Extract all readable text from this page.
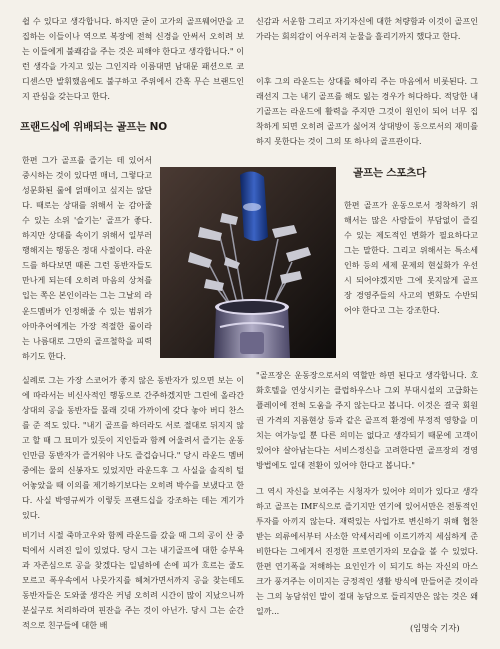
쉽 수 있다고 생각합니다. 하지만 굳이 고가의 골프웨어만을 고집하는 이들이나 역으로 복장에 전혀 신경을 안써서 오히려 보는 이들에게 불쾌감을 주는 것은 피해야 한다고 생각합니다." 이런 생각을 가지고 있는 그인지라 이름대면 남대문 패션으로 코디센스만 발휘했음에도 불구하고 주위에서 간혹 무슨 브랜드인지 관심을 갖는다고 한다.

프랜드십에 위배되는 골프는 NO

한편 그가 골프를 즐기는 데 있어서 중시하는 것이 있다면 매너, 그렇다고 성문화된 룰에 얽매이고 싶지는 않단다. 때로는 상대를 위해서 눈 감아줄 수 있는 소위 '슬기는' 골프가 좋다. 하지만 상대를 속이기 위해서 일부러 행해지는 행동은 정대 사절이다. 라운드를 하다보면 때론 그런 동반자들도 만나게 되는데 오히려 마음의 상처를 입는 쪽은 본인이라는 그는 그날의 라운드멤버가 인정해줄 수 있는 범위가 아마추어에게는 가장 적절한 룰이라는 나름대로 그만의 골프철학을 피력하기도 한다.

실례로 그는 가장 스코어가 좋지 않은 동반자가 있으면 보는 이에 따라서는 비신사적인 행동으로 간주하겠지만 그린에 올라간 상대의 공을 동반자들 몰래 깃대 가까이에 갖다 놓아 버디 찬스를 준 적도 있다. "내기 골프를 하더라도 서로 절대로 뒤지지 않고 할 때 그 묘미가 있듯이 지인들과 함께 어울려서 즐기는 운동인만큼 동반자가 즐거워야 나도 즐겁습니다." 당시 라운드 멤버중에는 물의 신봉자도 있었지만 라운드후 그 사실을 솔직히 털어놓았을 때 이의를 제기하기보다는 오히려 박수를 보냈다고 한다. 사실 박영규씨가 이렇듯 프랜드십을 강조하는 데는 계기가 있다.

비기너 시절 죽마고우와 함께 라운드를 갔을 때 그의 공이 산 중턱에서 시려진 일이 있었다. 당시 그는 내기골프에 대한 승부욕과 자존심으로 공을 찾겠다는 일념하에 손에 피가 흐르는 줄도 모르고 폭우속에서 나뭇가지를 헤쳐가면서까지 공을 찾는데도 동반자들은 도와줄 생각은 커녕 오히려 시간이 많이 지났으니까 분실구로 처리하라며 핀잔을 주는 것이 아닌가. 당시 그는 순간적으로 친구들에 대한 배

신감과 서운함 그리고 자기자신에 대한 처량함과 이것이 골프인가라는 회의감이 어우러져 눈물을 흘리기까지 했다고 한다.

이후 그의 라운드는 상대를 헤아리 주는 마음에서 비롯된다. 그래선지 그는 내기 골프를 해도 잃는 경우가 허다하다. 적당한 내기골프는 라운드에 활력을 주지만 그것이 원인이 되어 너무 집착하게 되면 오히려 골프가 싫어져 상대방이 동으로서의 재미를 하지 못한다는 것이 그의 또 하나의 골프관이다.

골프는 스포츠다

한편 골프가 운동으로서 정착하기 위해서는 많은 사람들이 부담없이 즐길 수 있는 제도적인 변화가 필요하다고 그는 말한다. 그리고 위해서는 특소세 인하 등의 세제 문제의 현실화가 우선시 되어야겠지만 그에 못지않게 골프장 경영주들의 사고의 변화도 수반되어야 한다고 그는 강조한다.

"골프장은 운동장으로서의 역할만 하면 된다고 생각합니다. 호화호텔을 연상시키는 클럽하우스나 그외 부대시설의 고급화는 플레이에 전혀 도움을 주지 않는다고 봅니다. 이것은 결국 회원권 가격의 지름현상 등과 같은 골프적 환경에 부정적 영향을 미치는 여가능일 뿐 다른 의미는 없다고 생각되기 때문에 고객이 있어야 살아남는다는 서비스정신을 고려한다면 골프장의 경영방법에도 일대 전환이 있어야 한다고 봅니다."

그 역시 자신을 보여주는 시청자가 있어야 의미가 있다고 생각하고 골프는 IMF식으로 즐기지만 연기에 있어서만은 전통적인 투자를 아끼지 않는다. 재력있는 사업가로 변신하기 위해 협찬받는 의류에서부터 사소한 악세서리에 이르기까지 세심하게 준비한다는 그에게서 진정한 프로연기자의 모습을 볼 수 있었다. 한편 연기폭을 저해하는 요인인가 이 되기도 하는 자신의 마스크가 풍겨주는 이미지는 긍정적인 생활 방식에 만들어준 것이라는 그의 농담섞인 말이 절대 농담으로 들리지만은 않는 것은 왜일까...

(임명숙 기자)
